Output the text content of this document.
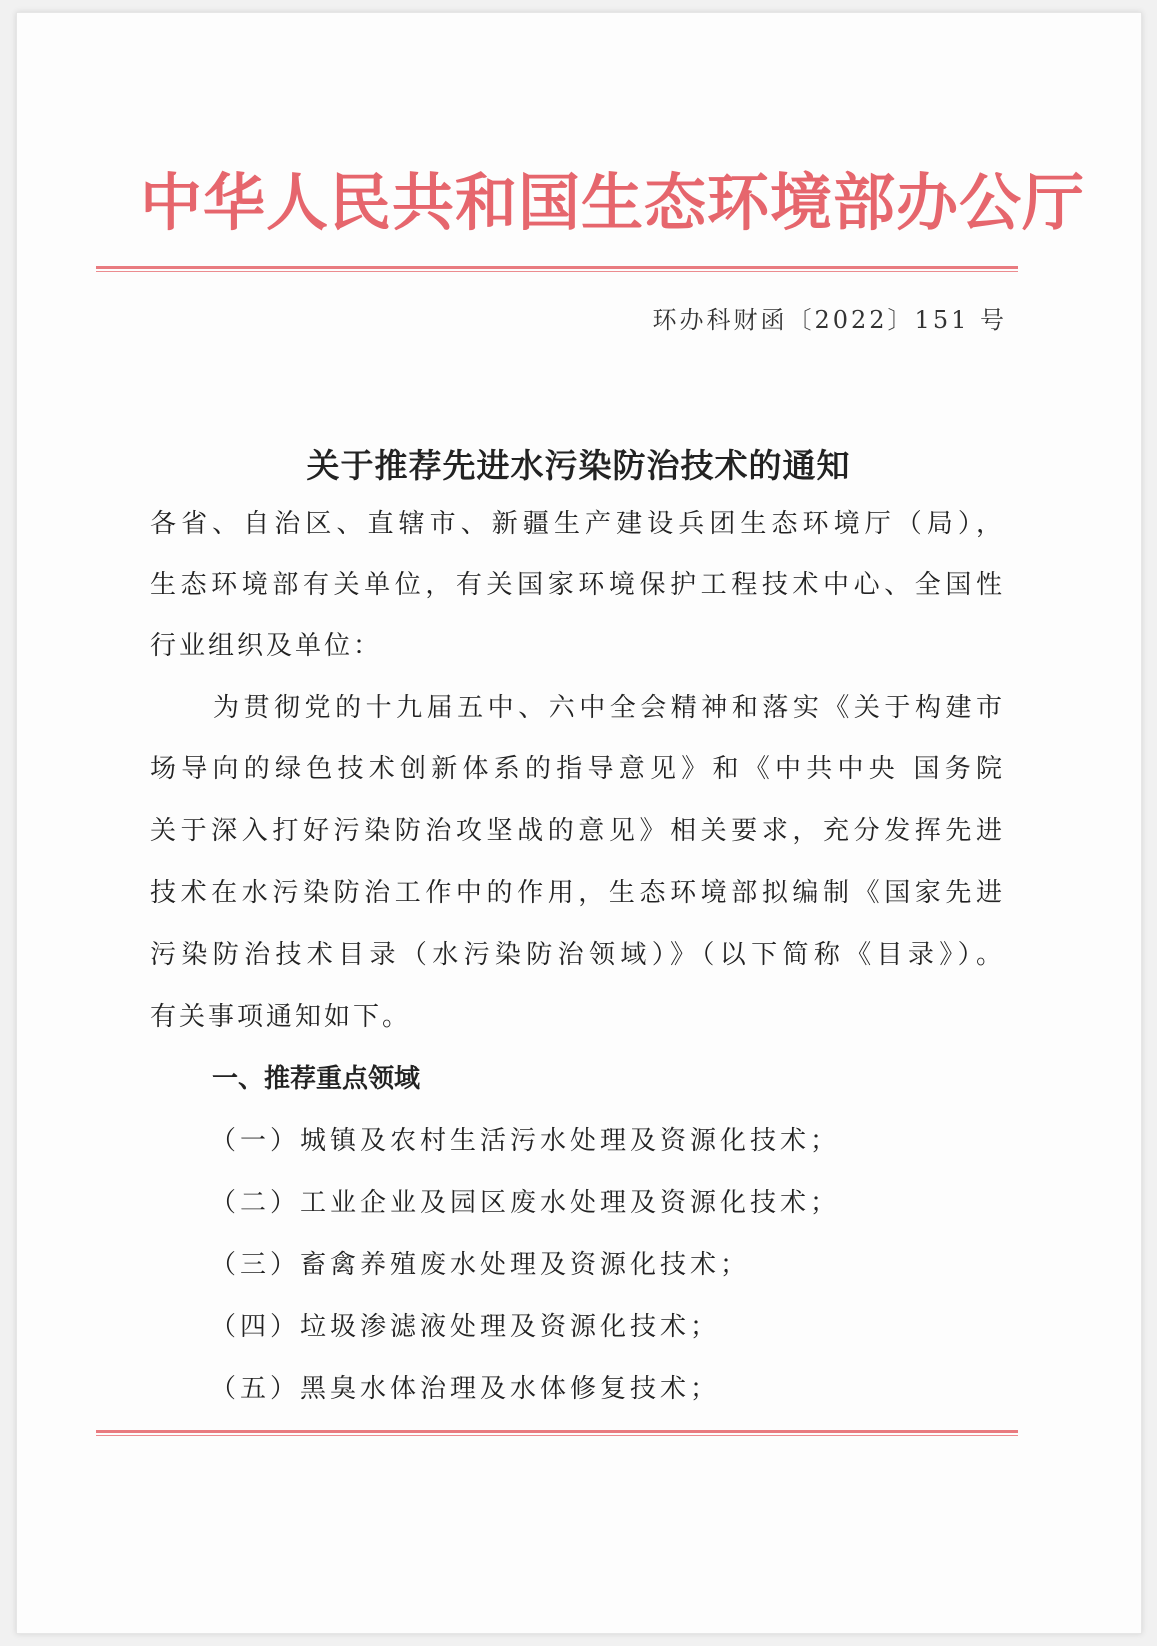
中华人民共和国生态环境部办公厅
环办科财函〔2022〕151 号
关于推荐先进水污染防治技术的通知
各省、自治区、直辖市、新疆生产建设兵团生态环境厅（局），
生态环境部有关单位，有关国家环境保护工程技术中心、全国性
行业组织及单位：
为贯彻党的十九届五中、六中全会精神和落实《关于构建市
场导向的绿色技术创新体系的指导意见》和《中共中央 国务院
关于深入打好污染防治攻坚战的意见》相关要求，充分发挥先进
技术在水污染防治工作中的作用，生态环境部拟编制《国家先进
污染防治技术目录（水污染防治领域）》（以下简称《目录》）。
有关事项通知如下。
一、推荐重点领域
（一）城镇及农村生活污水处理及资源化技术；
（二）工业企业及园区废水处理及资源化技术；
（三）畜禽养殖废水处理及资源化技术；
（四）垃圾渗滤液处理及资源化技术；
（五）黑臭水体治理及水体修复技术；
